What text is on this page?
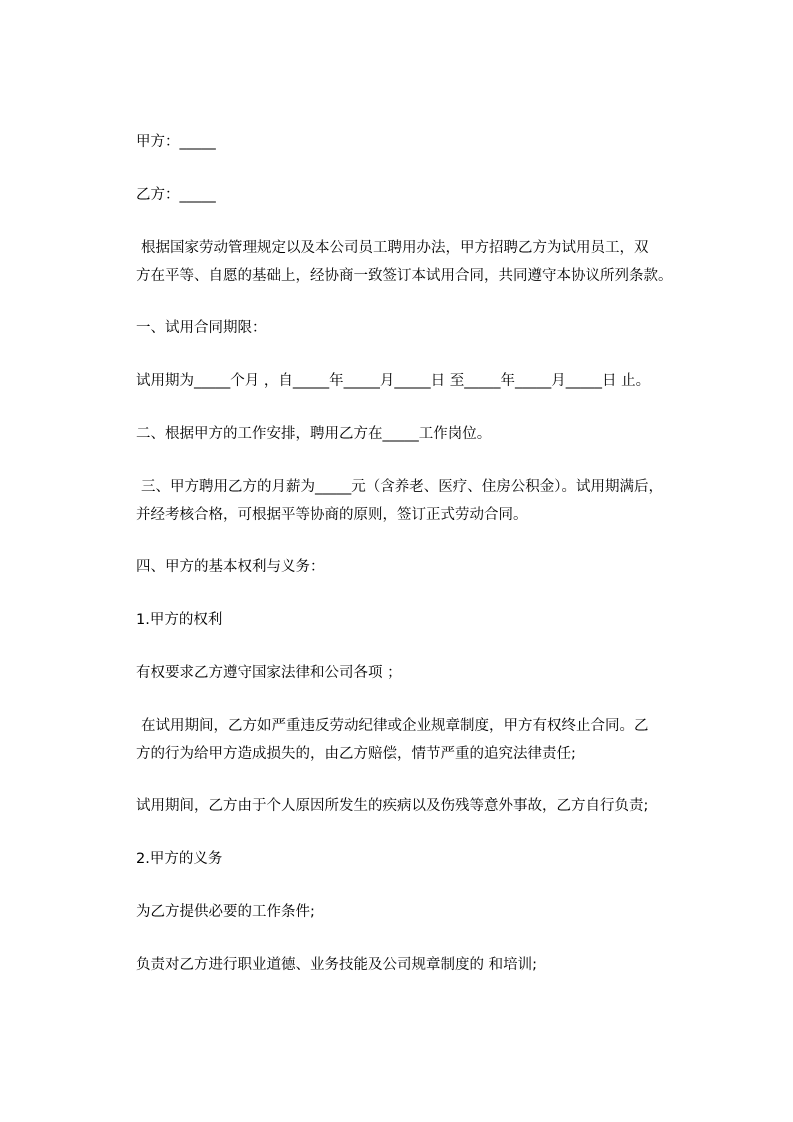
甲方：_____
乙方：_____
根据国家劳动管理规定以及本公司员工聘用办法，甲方招聘乙方为试用员工，双
方在平等、自愿的基础上，经协商一致签订本试用合同，共同遵守本协议所列条款。
一、试用合同期限：
试用期为_____个月 ，自_____年_____月_____日 至_____年_____月_____日 止。
二、根据甲方的工作安排，聘用乙方在_____工作岗位。
三、甲方聘用乙方的月薪为_____元（含养老、医疗、住房公积金）。试用期满后，
并经考核合格，可根据平等协商的原则，签订正式劳动合同。
四、甲方的基本权利与义务：
1.甲方的权利
有权要求乙方遵守国家法律和公司各项 ；
在试用期间，乙方如严重违反劳动纪律或企业规章制度，甲方有权终止合同。乙
方的行为给甲方造成损失的，由乙方赔偿，情节严重的追究法律责任;
试用期间，乙方由于个人原因所发生的疾病以及伤残等意外事故，乙方自行负责;
2.甲方的义务
为乙方提供必要的工作条件;
负责对乙方进行职业道德、业务技能及公司规章制度的 和培训;
